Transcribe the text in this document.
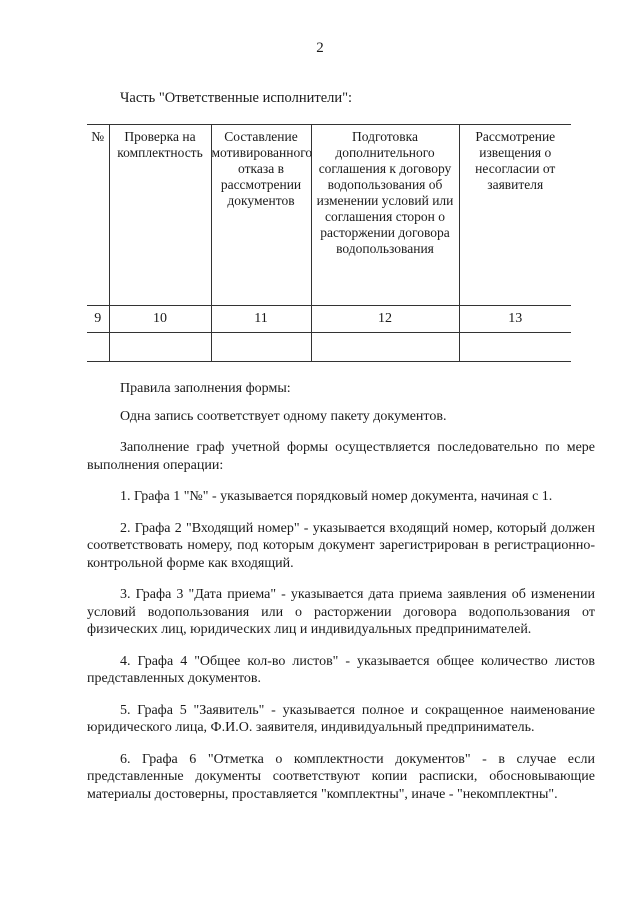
2
Часть "Ответственные исполнители":
№	Проверка на комплектность	Составление мотивированного отказа в рассмотрении документов	Подготовка дополнительного соглашения к договору водопользования об изменении условий или соглашения сторон о расторжении договора водопользования	Рассмотрение извещения о несогласии от заявителя
9	10	11	12	13

Правила заполнения формы:

Одна запись соответствует одному пакету документов.

Заполнение граф учетной формы осуществляется последовательно по мере выполнения операции:

1. Графа 1 "№" - указывается порядковый номер документа, начиная с 1.

2. Графа 2 "Входящий номер" - указывается входящий номер, который должен соответствовать номеру, под которым документ зарегистрирован в регистрационно-контрольной форме как входящий.

3. Графа 3 "Дата приема" - указывается дата приема заявления об изменении условий водопользования или о расторжении договора водопользования от физических лиц, юридических лиц и индивидуальных предпринимателей.

4. Графа 4 "Общее кол-во листов" - указывается общее количество листов представленных документов.

5. Графа 5 "Заявитель" - указывается полное и сокращенное наименование юридического лица, Ф.И.О. заявителя, индивидуальный предприниматель.

6. Графа 6 "Отметка о комплектности документов" - в случае если представленные документы соответствуют копии расписки, обосновывающие материалы достоверны, проставляется "комплектны", иначе - "некомплектны".
